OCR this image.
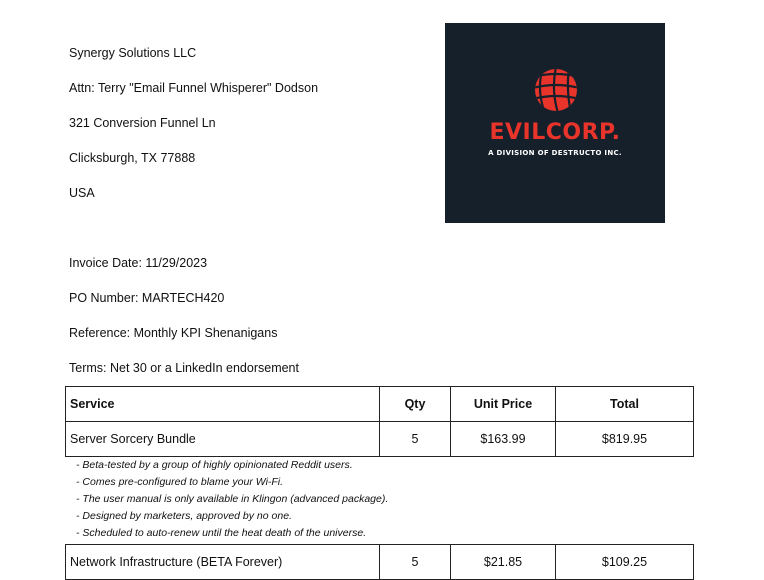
Synergy Solutions LLC
Attn: Terry "Email Funnel Whisperer" Dodson
321 Conversion Funnel Ln
Clicksburgh, TX 77888
USA
EVILCORP.
A DIVISION OF DESTRUCTO INC.
Invoice Date: 11/29/2023
PO Number: MARTECH420
Reference: Monthly KPI Shenanigans
Terms: Net 30 or a LinkedIn endorsement
Service	Qty	Unit Price	Total
Server Sorcery Bundle	5	$163.99	$819.95
- Beta-tested by a group of highly opinionated Reddit users.
- Comes pre-configured to blame your Wi-Fi.
- The user manual is only available in Klingon (advanced package).
- Designed by marketers, approved by no one.
- Scheduled to auto-renew until the heat death of the universe.
Network Infrastructure (BETA Forever)	5	$21.85	$109.25
